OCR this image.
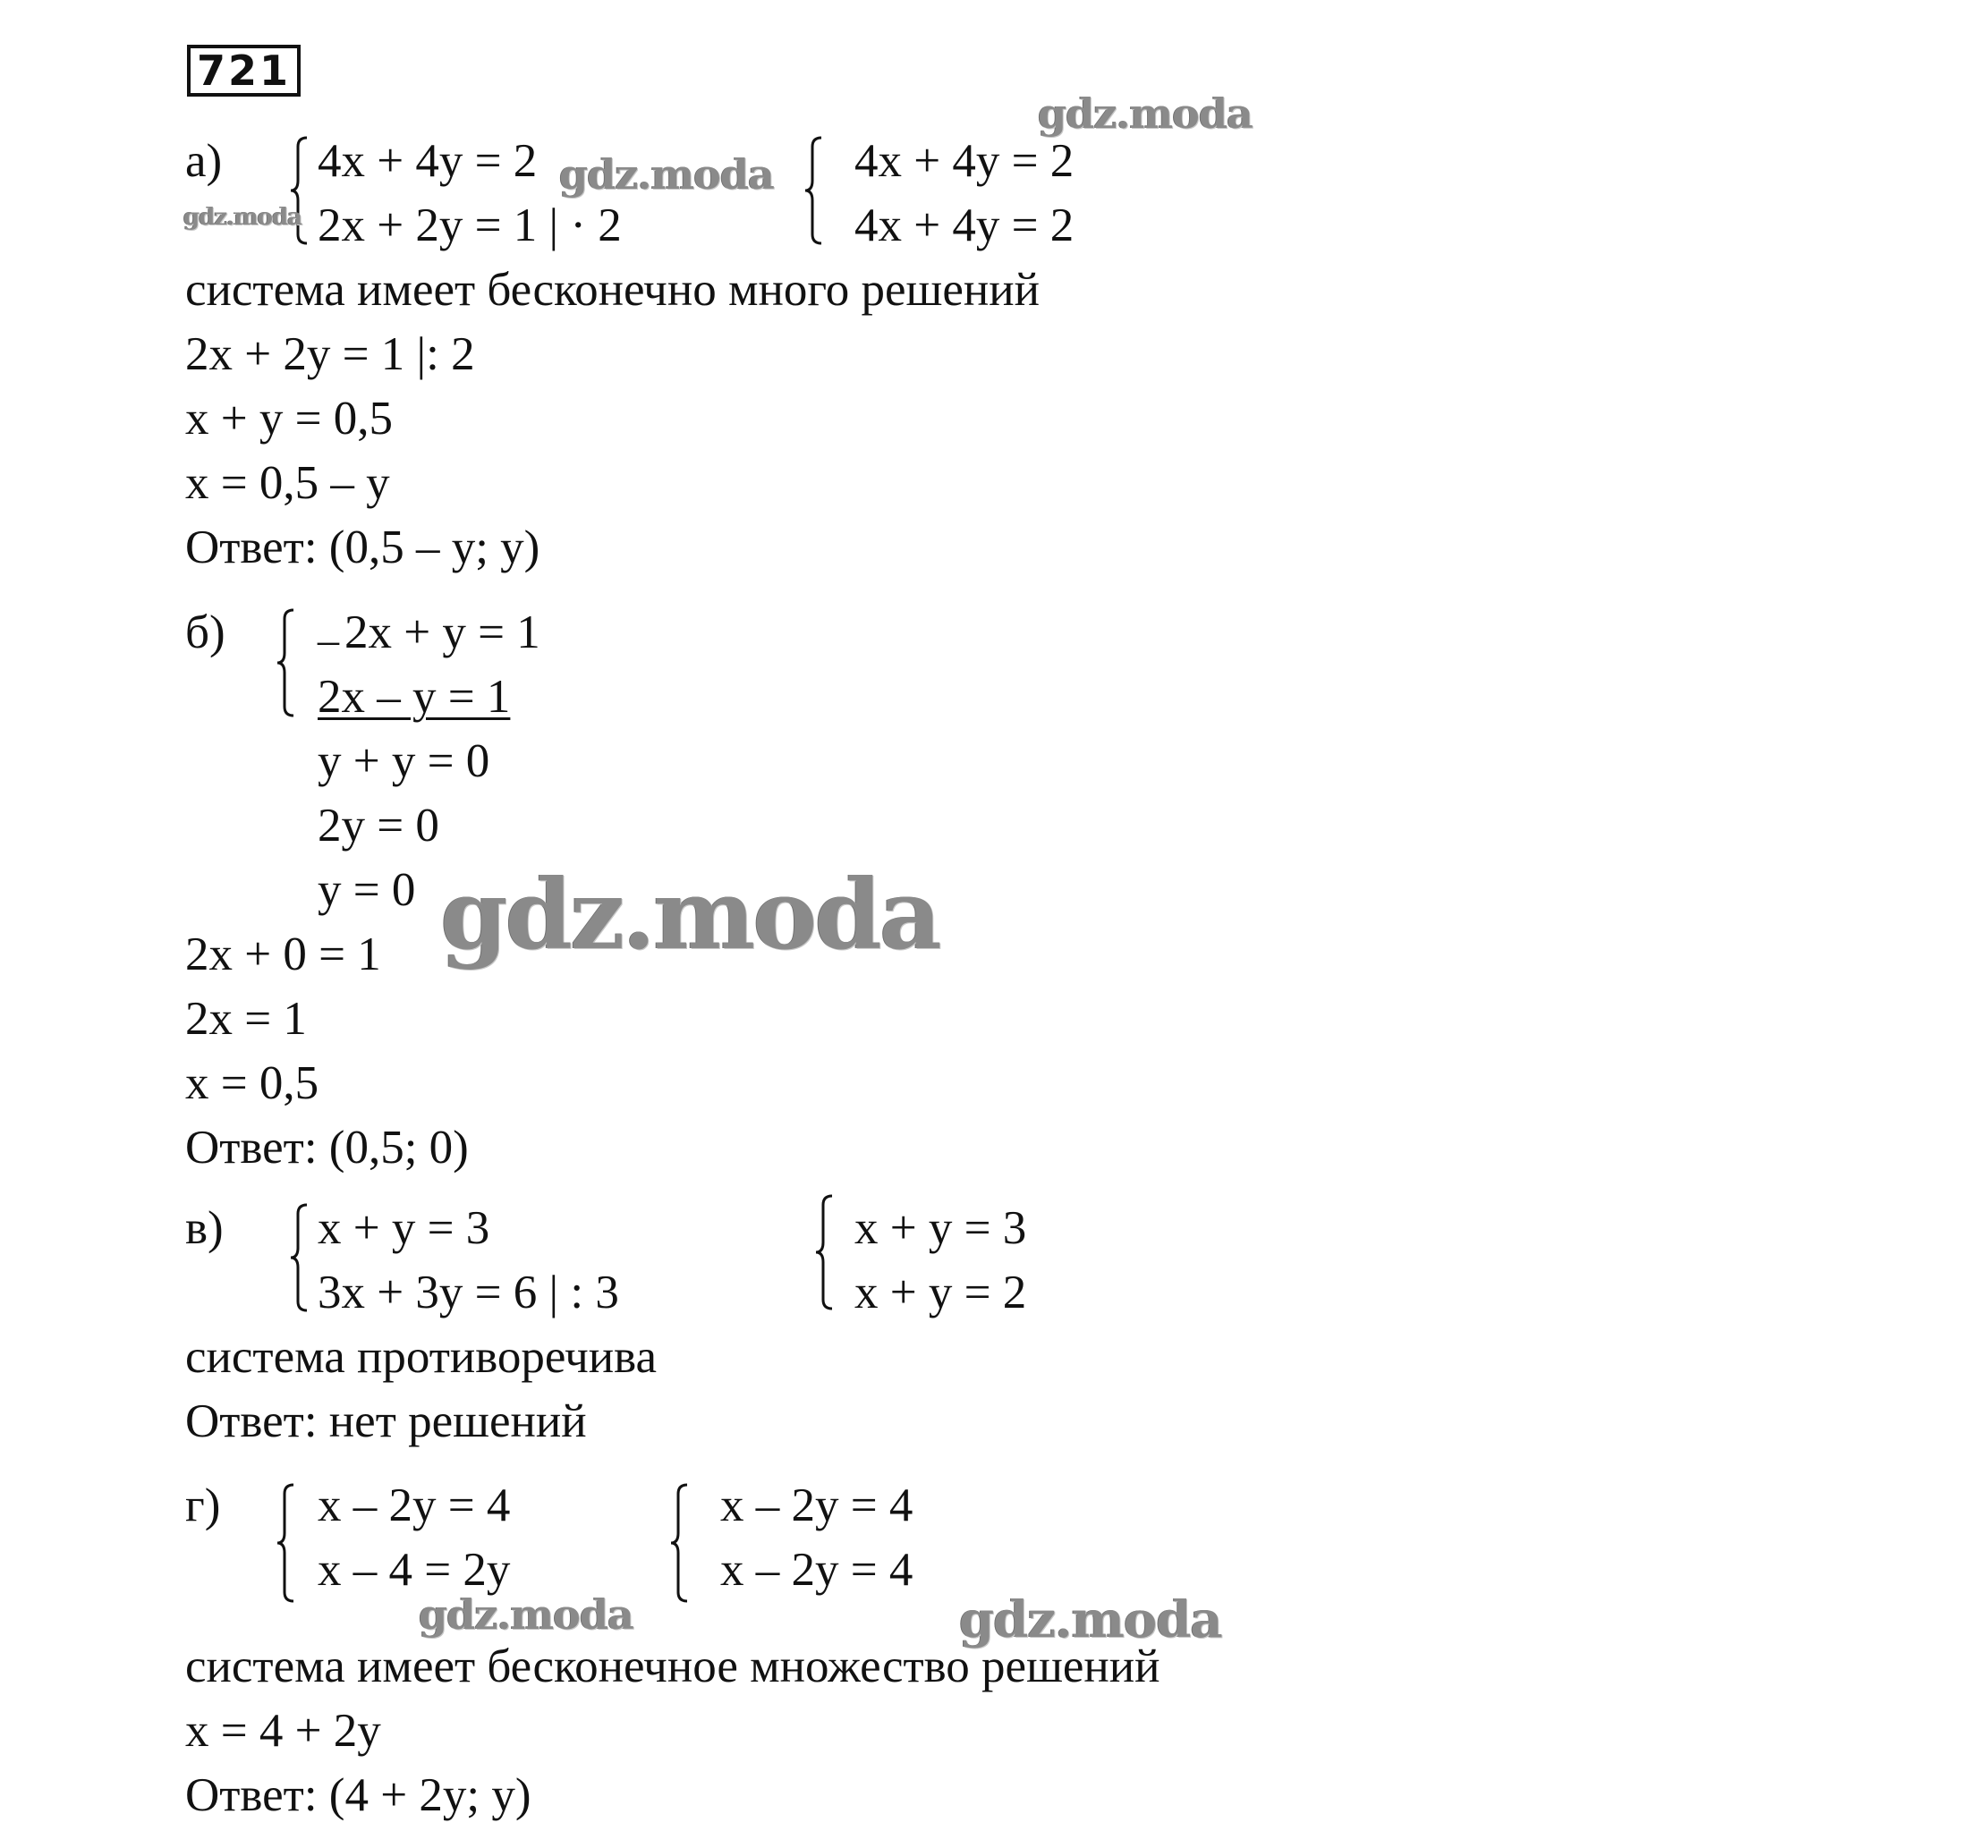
721
а) 4x + 4y = 2
2x + 2y = 1 | · 2
4x + 4y = 2
4x + 4y = 2
система имеет бесконечно много решений
2x + 2y = 1 |: 2
x + y = 0,5
x = 0,5 – y
Ответ: (0,5 – y; y)
б) _ 2x + y = 1
2x – y = 1
y + y = 0
2y = 0
y = 0
2x + 0 = 1
2x = 1
x = 0,5
Ответ: (0,5; 0)
в) x + y = 3
3x + 3y = 6 | : 3
x + y = 3
x + y = 2
система противоречива
Ответ: нет решений
г) x – 2y = 4
x – 4 = 2y
x – 2y = 4
x – 2y = 4
система имеет бесконечное множество решений
x = 4 + 2y
Ответ: (4 + 2y; y)
gdz.moda
gdz.moda
gdz.moda
gdz.moda
gdz.moda	gdz.moda
